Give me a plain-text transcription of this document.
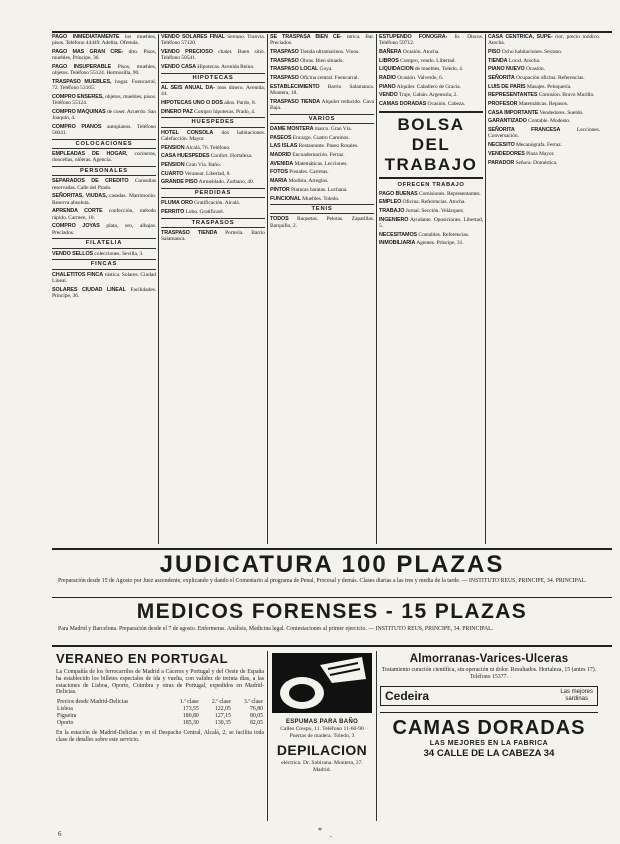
PAGO INMEDIATAMENTE los muebles, pisos. Teléfono 44449. Adelita. Ofrenda.
PAGO MAS GRAN CRE- dito. Pisos, muebles, Príncipe, 36.
PAGO INSUPERABLE Pisos, muebles, objetos. Teléfono 55124. Hermosilla, 90.
TRASPASO MUEBLES, hogar. Fuencarral, 72. Teléfono 53165.
COMPRO ENSERES, objetos, muebles, pisos. Teléfono 55124.
COMPRO MAQUINAS de coser. Acuerdo. San Joaquín, 4.
COMPRO PIANOS autopianos. Teléfono 56041.
COLOCACIONES
EMPLEADAS DE HOGAR, cocineras, doncellas, niñeras. Agencia.
PERSONALES
SEPARADOS DE CREDITO Consultas reservadas. Calle del Prado.
SEÑORITAS, VIUDAS, casadas. Matrimonio. Reserva absoluta.
APRENDA CORTE confección, método rápido. Carmen, 10.
COMPRO JOYAS plata, oro, alhajas. Preciados.
FILATELIA
VENDO SELLOS colecciones. Sevilla, 3.
FINCAS
CHALETITOS FINCA rústica. Solares. Ciudad Lineal.
SOLARES CIUDAD LINEAL Facilidades. Príncipe, 36.
VENDO SOLARES FINAL Serrano. Tranvía. Teléfono 57120.
VENDO PRECIOSO chalet. Buen sitio. Teléfono 50541.
VENDO CASA Hipotecas. Avenida Reina.
HIPOTECAS
AL SEIS ANUAL DA- mos dinero. Avenida, 44.
HIPOTECAS UNO O DOS años. Pardo, 8.
DINERO PAZ Compro hipotecas. Prado, 4.
HUESPEDES
HOTEL CONSOLA dos habitaciones. Calefacción. Mayor.
PENSION Alcalá, 76. Teléfono.
CASA HUESPEDES Confort. Hortaleza.
PENSION Gran Vía. Baño.
CUARTO Veranear. Libertad, 8.
GRANDE PISO Amueblado. Zurbano, 40.
PERDIDAS
PLUMA ORO Gratificación. Alcalá.
PERRITO Lobo. Gratificaré.
TRASPASOS
TRASPASO TIENDA Portería. Barrio Salamanca.
SE TRASPASA BIEN CE- ntrica. Bar. Preciados.
TRASPASO Tienda ultramarinos. Vinos.
TRASPASO Obras. Bien situado.
TRASPASO LOCAL Goya.
TRASPASO Oficina central. Fuencarral.
ESTABLECIMIENTO Barrio Salamanca. Montera, 18.
TRASPASO TIENDA Alquiler reducido. Cava Baja.
VARIOS
DAME MONTERA marco. Gran Vía.
PASEOS Encargo. Cuatro Caminos.
LAS ISLAS Restaurante. Paseo Rosales.
MADRID Encuadernación. Ferraz.
AVENIDA Matemáticas. Lecciones.
FOTOS Postales. Carretas.
MARIA Modista. Arreglos.
PINTOR Pinturas baratas. Luchana.
FUNCIONAL Muebles. Toledo.
TENIS
TODOS Raquetas. Pelotas. Zapatillas. Barquillo, 2.
ESTUPENDO FONÓGRA- fo. Discos. Teléfono 59712.
BAÑERA Ocasión. Atocha.
LIBROS Compro, vendo. Libertad.
LIQUIDACION de muebles. Toledo, 4.
RADIO Ocasión. Valverde, 6.
PIANO Alquiler. Caballero de Gracia.
VENDO Traje, Gabán. Argensola, 2.
CAMAS DORADAS Ocasión. Cabeza.
BOLSA DEL TRABAJO
OFRECEN TRABAJO
PAGO BUENAS Comisiones. Representantes.
EMPLEO Oficina. Referencias. Atocha.
TRABAJO Jornal. Sección. Velázquez.
INGENIERO Ayudante. Oposiciones. Libertad, 5.
NECESITAMOS Contables. Referencias.
INMOBILIARIA Agentes. Príncipe, 31.
CASA CENTRICA, SUPE- rior, precio módico. Atocha.
PISO Ocho habitaciones. Serrano.
TIENDA Local. Atocha.
PIANO NUEVO Ocasión.
SEÑORITA Ocupación oficina. Referencias.
LUIS DE PARIS Masajes. Peluquería.
REPRESENTANTES Comisión. Bravo Murillo.
PROFESOR Matemáticas. Repasos.
CASA IMPORTANTE Vendedores. Sueldo.
GARANTIZADO Contable. Modesto.
SEÑORITA FRANCESA	Lecciones. Conversación.
NECESITO Mecanógrafa. Ferraz.
VENDEDORES Plaza Mayor.
PARADOR Señora. Doméstica.
JUDICATURA 100 PLAZAS
Preparación desde 15 de Agosto por Juez ascendente, explicando y dando el Comentario al programa de Penal, Procesal y demás. Clases diarias a las tres y media de la tarde. — INSTITUTO REUS, PRINCIPE, 34. PRINCIPAL.
MEDICOS FORENSES - 15 PLAZAS
Para Madrid y Barcelona. Preparación desde el 7 de agosto. Enfermeras. Análisis, Medicina legal. Contestaciones al primer ejercicio. — INSTITUTO REUS, PRINCIPE, 34. PRINCIPAL.
VERANEO EN PORTUGAL
La Compañía de los ferrocarriles de Madrid a Cáceres y Portugal y del Oeste de España ha establecido los billetes especiales de ida y vuelta, con validez de treinta días, a las estaciones de Lisboa, Oporto, Coimbra y otras de Portugal, expedidos en Madrid-Delicias.
Precios desde Madrid-Delicias	1.ª clase	2.ª clase	3.ª clase
Lisboa	173,55	122,05	76,80
Figueira	180,80	127,15	80,05
Oporto	185,30	130,35	82,05
En la estación de Madrid-Delicias y en el Despacho Central, Alcalá, 2, se facilita toda clase de detalles sobre este servicio.
ESPUMAS PARA BAÑO
Calles Crespo, 11. Teléfono 11-60-90
Puertas de madera. Toledo, 3
DEPILACION
eléctrica. Dr. Subirana. Montera, 37. Madrid.
Almorranas-Varices-Ulceras
Tratamiento curación científica, sin operación ni dolor. Resultados. Hortaleza, 15 (antes 17). Teléfono 15377.
Cedeira	Las mejores
sardinas
CAMAS DORADAS
LAS MEJORES EN LA FABRICA
34 CALLE DE LA CABEZA 34
6	* .
